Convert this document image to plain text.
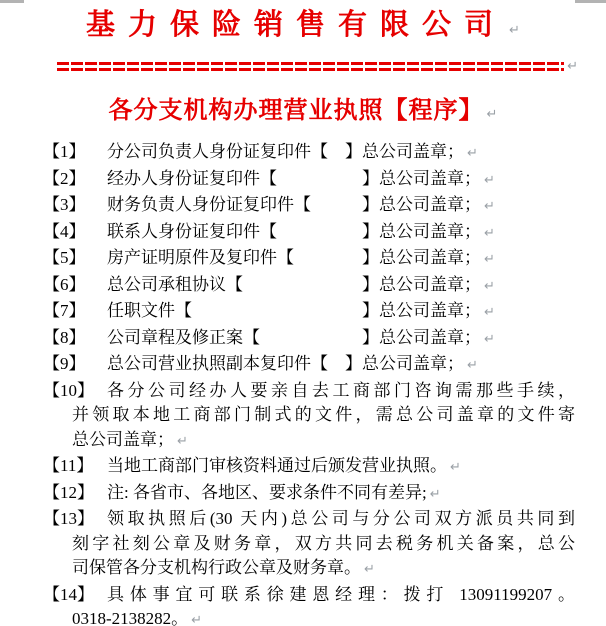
基力保险销售有限公司 ↵
↵
各分支机构办理营业执照【程序】 ↵
【1】	分公司负责人身份证复印件【　】总公司盖章； ↵
【2】	经办人身份证复印件【　　　　　】总公司盖章； ↵
【3】	财务负责人身份证复印件【　　　】总公司盖章； ↵
【4】	联系人身份证复印件【　　　　　】总公司盖章； ↵
【5】	房产证明原件及复印件【　　　　】总公司盖章； ↵
【6】	总公司承租协议【　　　　　　　】总公司盖章； ↵
【7】	任职文件【　　　　　　　　　　】总公司盖章； ↵
【8】	公司章程及修正案【　　　　　　】总公司盖章； ↵
【9】	总公司营业执照副本复印件【　】总公司盖章； ↵
【10】 各分公司经办人要亲自去工商部门咨询需那些手续，
并领取本地工商部门制式的文件，需总公司盖章的文件寄
总公司盖章； ↵
【11】 当地工商部门审核资料通过后颁发营业执照。 ↵
【12】 注: 各省市、各地区、要求条件不同有差异; ↵
【13】 领取执照后(30 天内)总公司与分公司双方派员共同到
刻字社刻公章及财务章，双方共同去税务机关备案，总公
司保管各分支机构行政公章及财务章。 ↵
【14】 具体事宜可联系徐建恩经理：拨打 13091199207。
0318-2138282。 ↵
